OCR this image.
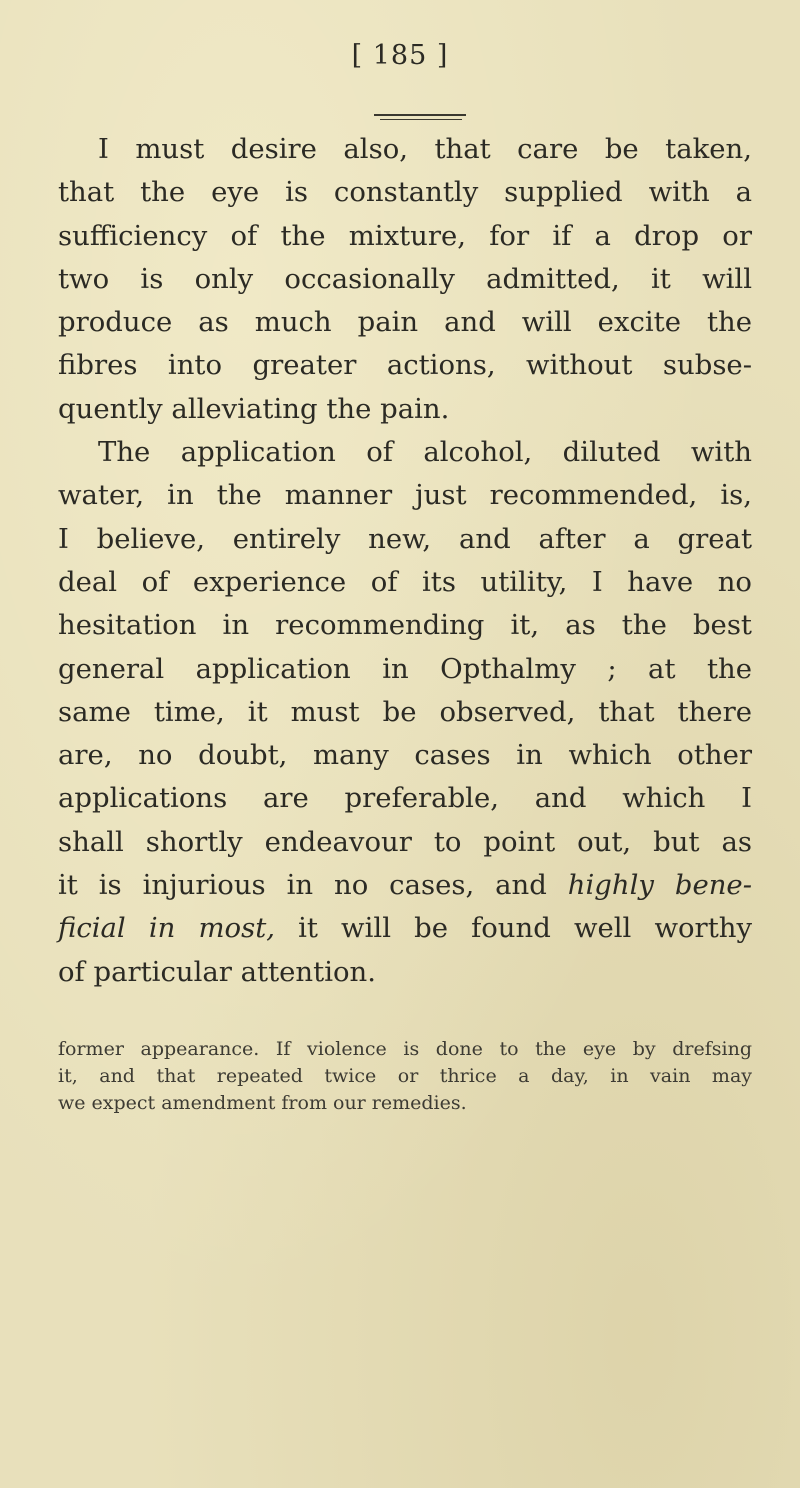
[ 185 ]
I must desire also, that care be taken,
that the eye is constantly supplied with a
sufficiency of the mixture, for if a drop or
two is only occasionally admitted, it will
produce as much pain and will excite the
fibres into greater actions, without subse-
quently alleviating the pain.
The application of alcohol, diluted with
water, in the manner just recommended, is,
I believe, entirely new, and after a great
deal of experience of its utility, I have no
hesitation in recommending it, as the best
general application in Opthalmy ; at the
same time, it must be observed, that there
are, no doubt, many cases in which other
applications are preferable, and which I
shall shortly endeavour to point out, but as
it is injurious in no cases, and highly bene-
ficial in most, it will be found well worthy
of particular attention.
former appearance. If violence is done to the eye by drefsing
it, and that repeated twice or thrice a day, in vain may
we expect amendment from our remedies.
